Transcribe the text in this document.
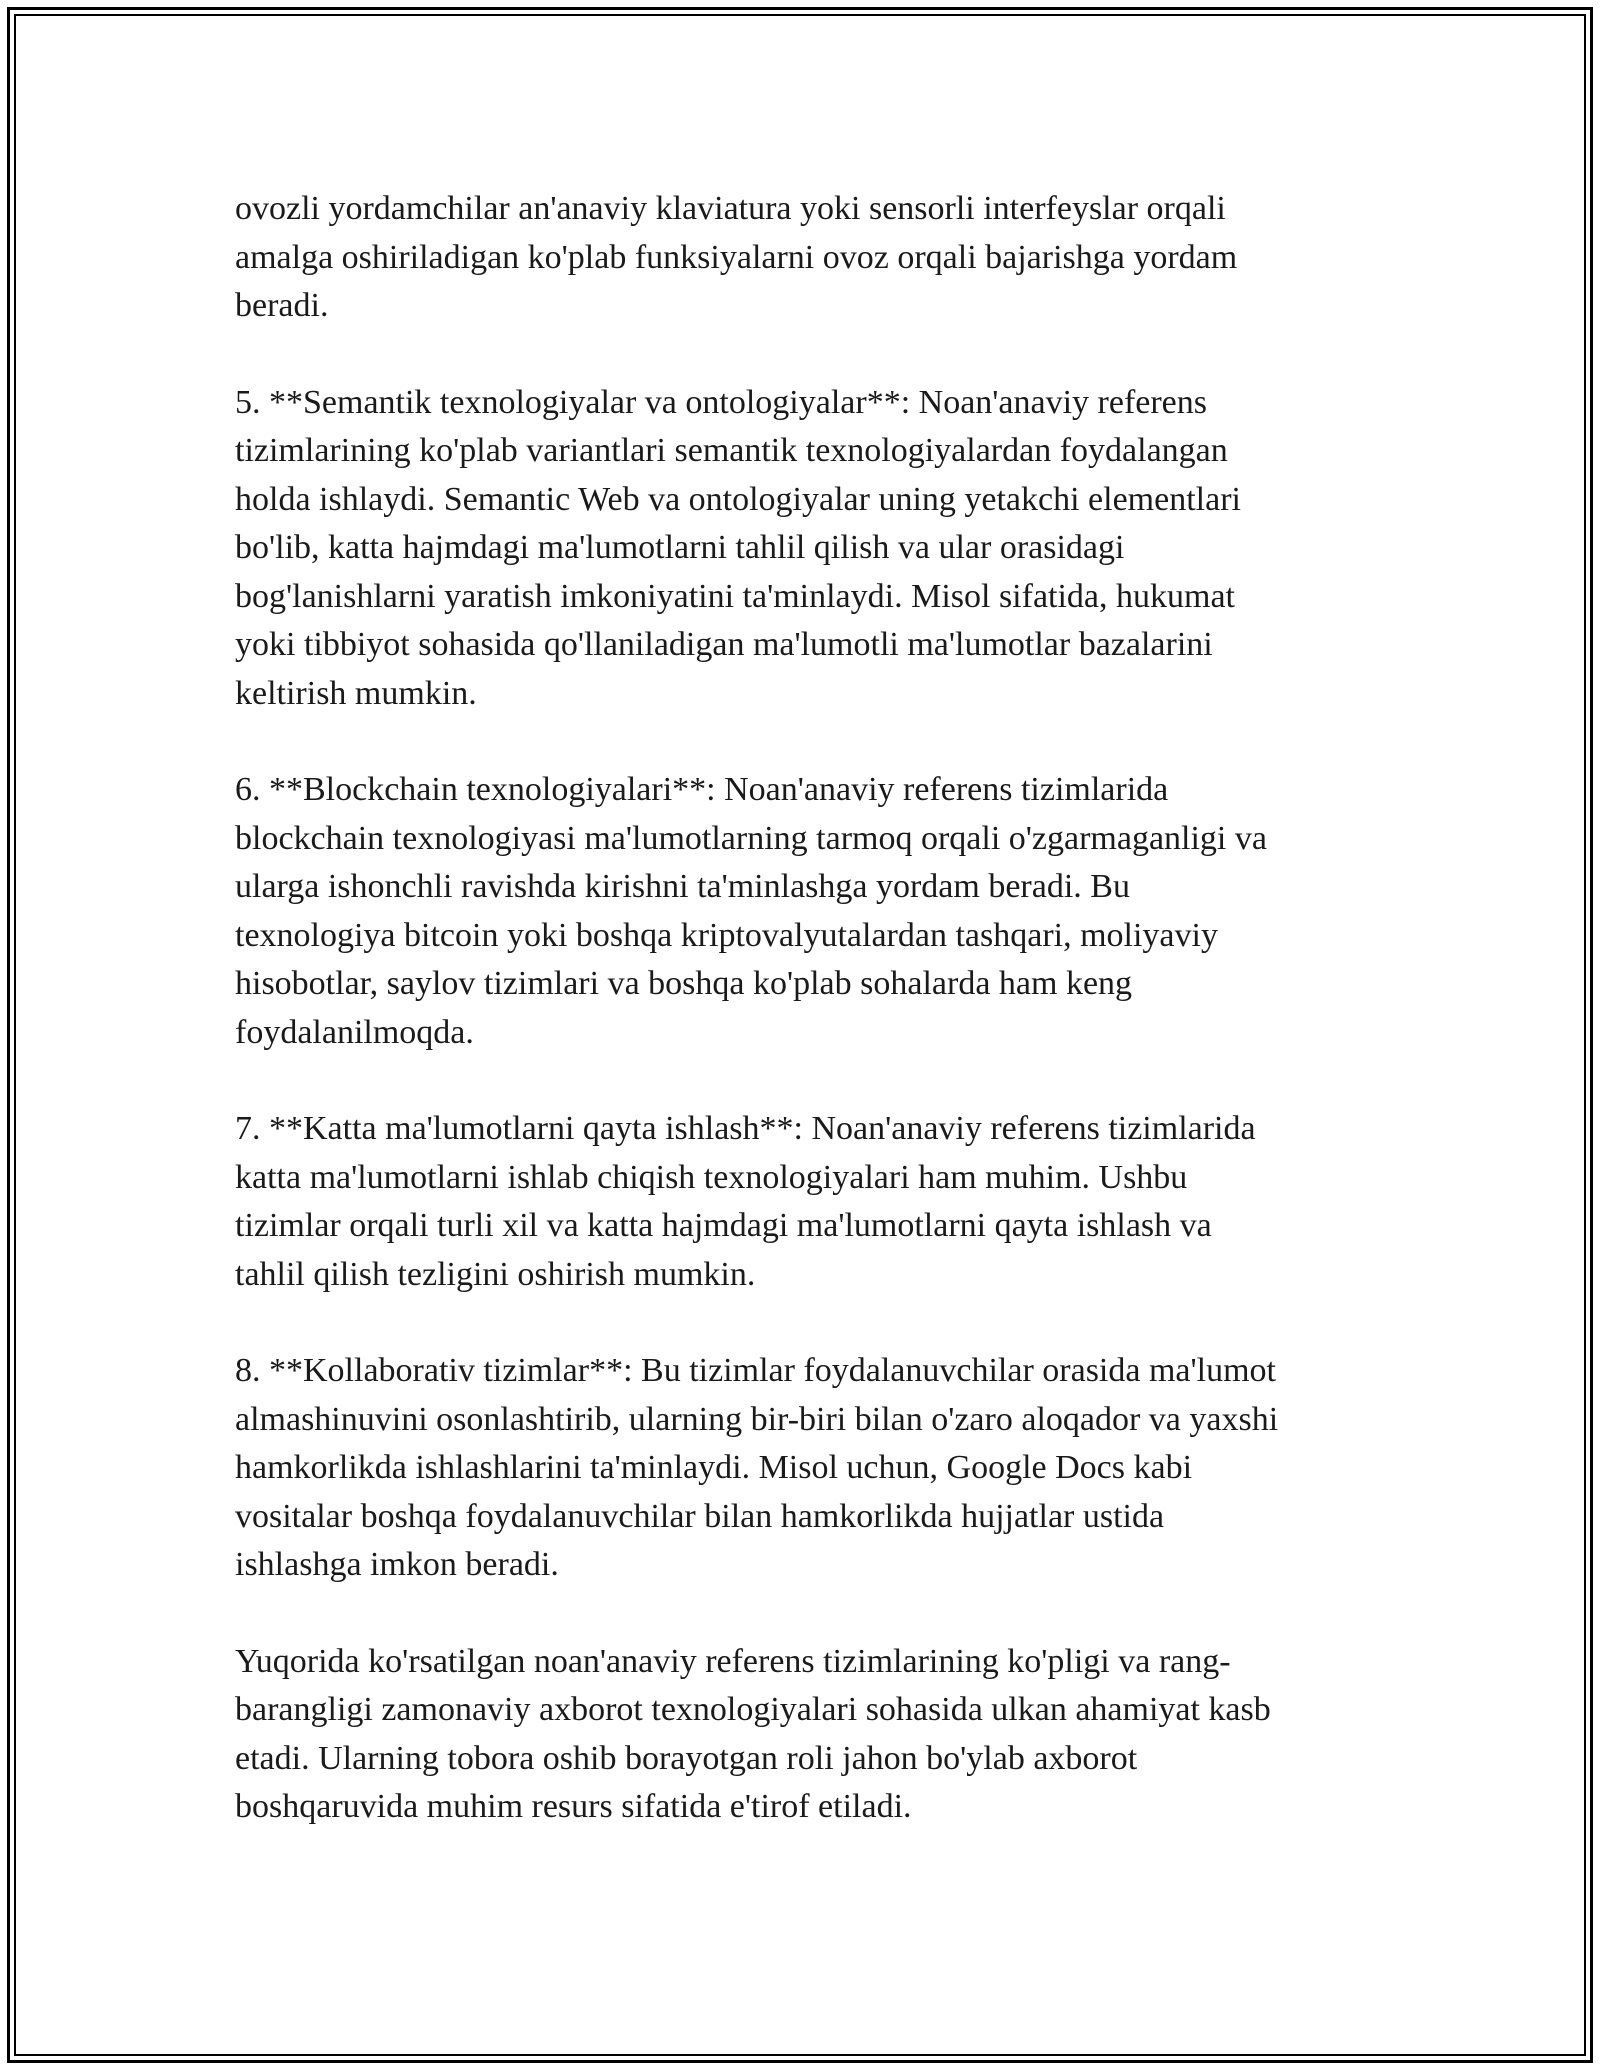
ovozli yordamchilar an'anaviy klaviatura yoki sensorli interfeyslar orqali
amalga oshiriladigan ko'plab funksiyalarni ovoz orqali bajarishga yordam
beradi.

5. **Semantik texnologiyalar va ontologiyalar**: Noan'anaviy referens
tizimlarining ko'plab variantlari semantik texnologiyalardan foydalangan
holda ishlaydi. Semantic Web va ontologiyalar uning yetakchi elementlari
bo'lib, katta hajmdagi ma'lumotlarni tahlil qilish va ular orasidagi
bog'lanishlarni yaratish imkoniyatini ta'minlaydi. Misol sifatida, hukumat
yoki tibbiyot sohasida qo'llaniladigan ma'lumotli ma'lumotlar bazalarini
keltirish mumkin.

6. **Blockchain texnologiyalari**: Noan'anaviy referens tizimlarida
blockchain texnologiyasi ma'lumotlarning tarmoq orqali o'zgarmaganligi va
ularga ishonchli ravishda kirishni ta'minlashga yordam beradi. Bu
texnologiya bitcoin yoki boshqa kriptovalyutalardan tashqari, moliyaviy
hisobotlar, saylov tizimlari va boshqa ko'plab sohalarda ham keng
foydalanilmoqda.

7. **Katta ma'lumotlarni qayta ishlash**: Noan'anaviy referens tizimlarida
katta ma'lumotlarni ishlab chiqish texnologiyalari ham muhim. Ushbu
tizimlar orqali turli xil va katta hajmdagi ma'lumotlarni qayta ishlash va
tahlil qilish tezligini oshirish mumkin.

8. **Kollaborativ tizimlar**: Bu tizimlar foydalanuvchilar orasida ma'lumot
almashinuvini osonlashtirib, ularning bir-biri bilan o'zaro aloqador va yaxshi
hamkorlikda ishlashlarini ta'minlaydi. Misol uchun, Google Docs kabi
vositalar boshqa foydalanuvchilar bilan hamkorlikda hujjatlar ustida
ishlashga imkon beradi.

Yuqorida ko'rsatilgan noan'anaviy referens tizimlarining ko'pligi va rang-
barangligi zamonaviy axborot texnologiyalari sohasida ulkan ahamiyat kasb
etadi. Ularning tobora oshib borayotgan roli jahon bo'ylab axborot
boshqaruvida muhim resurs sifatida e'tirof etiladi.
